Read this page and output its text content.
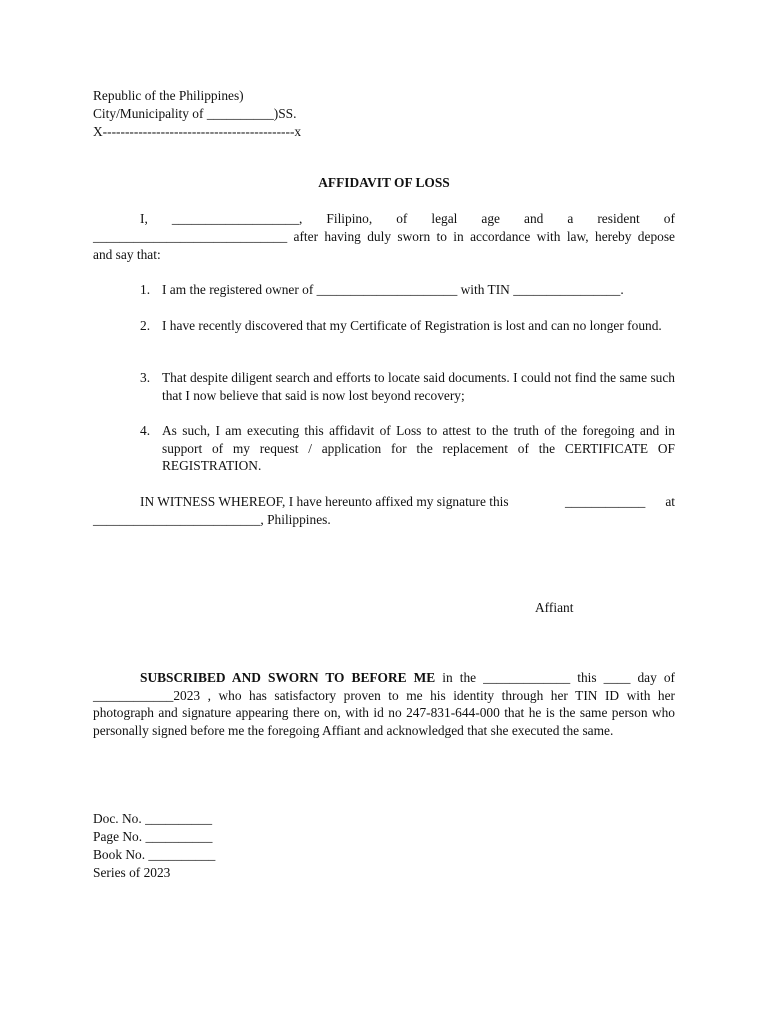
Republic of the Philippines)
City/Municipality of __________)SS.
X-------------------------------------------x
AFFIDAVIT OF LOSS
I, ___________________, Filipino, of legal age and a resident of
_____________________________ after having duly sworn to in accordance with law, hereby depose
and say that:
1. I am the registered owner of _____________________ with TIN ________________.
2. I have recently discovered that my Certificate of Registration is lost and can no longer found.
3. That despite diligent search and efforts to locate said documents. I could not find the same such that I now believe that said is now lost beyond recovery;
4. As such, I am executing this affidavit of Loss to attest to the truth of the foregoing and in support of my request / application for the replacement of the CERTIFICATE OF REGISTRATION.
IN WITNESS WHEREOF, I have hereunto affixed my signature this	____________ at
_________________________, Philippines.
Affiant
SUBSCRIBED AND SWORN TO BEFORE ME in the _____________ this ____ day of ____________2023 , who has satisfactory proven to me his identity through her TIN ID with her photograph and signature appearing there on, with id no 247-831-644-000 that he is the same person who personally signed before me the foregoing Affiant and acknowledged that she executed the same.
Doc. No. __________
Page No. __________
Book No. __________
Series of 2023
